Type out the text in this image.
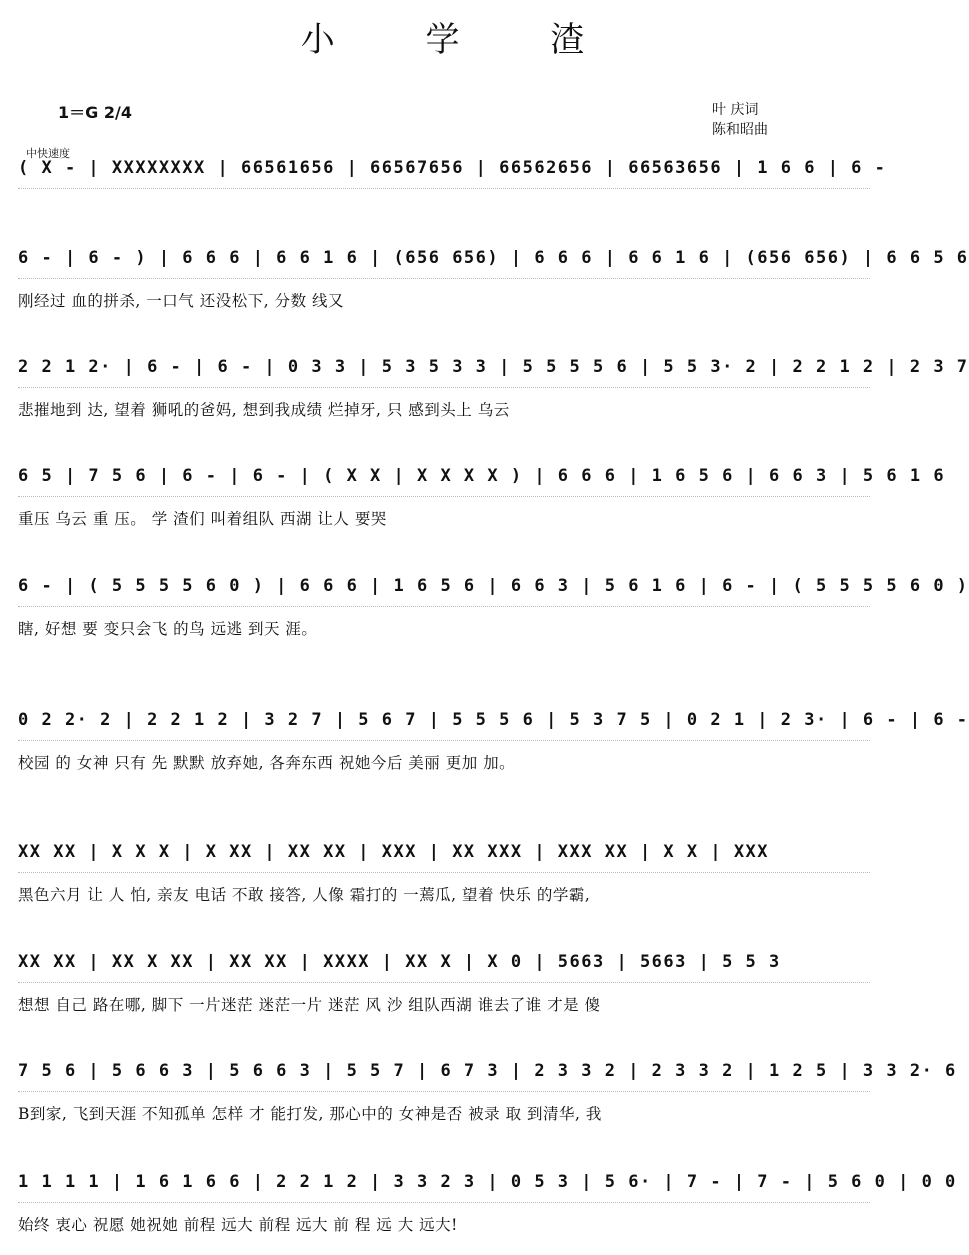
小 学 渣
1＝G 2/4	叶 庆词
陈和昭曲
中快速度
( X - | XXXXXXXX | 66561656 | 66567656 | 66562656 | 66563656 | 1 6 6 | 6 -
6 - | 6 - ) | 6 6 6 | 6 6 1 6 | (656 656) | 6 6 6 | 6 6 1 6 | (656 656) | 6 6 5 6
刚经过 血的拼杀, 一口气 还没松下, 分数 线又
2 2 1 2· | 6 - | 6 - | 0 3 3 | 5 3 5 3 3 | 5 5 5 5 6 | 5 5 3· 2 | 2 2 1 2 | 2 3 7
悲摧地到 达, 望着 狮吼的爸妈, 想到我成绩 烂掉牙, 只 感到头上 乌云
6 5 | 7 5 6 | 6 - | 6 - | ( X X | X X X X ) | 6 6 6 | 1 6 5 6 | 6 6 3 | 5 6 1 6
重压 乌云 重 压。 学 渣们 叫着组队 西湖 让人 要哭
6 - | ( 5 5 5 5 6 0 ) | 6 6 6 | 1 6 5 6 | 6 6 3 | 5 6 1 6 | 6 - | ( 5 5 5 5 6 0 )
瞎, 好想 要 变只会飞 的鸟 远逃 到天 涯。
0 2 2· 2 | 2 2 1 2 | 3 2 7 | 5 6 7 | 5 5 5 6 | 5 3 7 5 | 0 2 1 | 2 3· | 6 - | 6 -
校园 的 女神 只有 先 默默 放弃她, 各奔东西 祝她今后 美丽 更加 加。
XX XX | X X X | X XX | XX XX | XXX | XX XXX | XXX XX | X X | XXX
黑色六月 让 人 怕, 亲友 电话 不敢 接答, 人像 霜打的 一蔫瓜, 望着 快乐 的学霸,
XX XX | XX X XX | XX XX | XXXX | XX X | X 0 | 5663 | 5663 | 5 5 3
想想 自己 路在哪, 脚下 一片迷茫 迷茫一片 迷茫 风 沙 组队西湖 谁去了谁 才是 傻
7 5 6 | 5 6 6 3 | 5 6 6 3 | 5 5 7 | 6 7 3 | 2 3 3 2 | 2 3 3 2 | 1 2 5 | 3 3 2· 6
B到家, 飞到天涯 不知孤单 怎样 才 能打发, 那心中的 女神是否 被录 取 到清华, 我
1 1 1 1 | 1 6 1 6 6 | 2 2 1 2 | 3 3 2 3 | 0 5 3 | 5 6· | 7 - | 7 - | 5 6 0 | 0 0
始终 衷心 祝愿 她祝她 前程 远大 前程 远大 前 程 远 大 远大!
